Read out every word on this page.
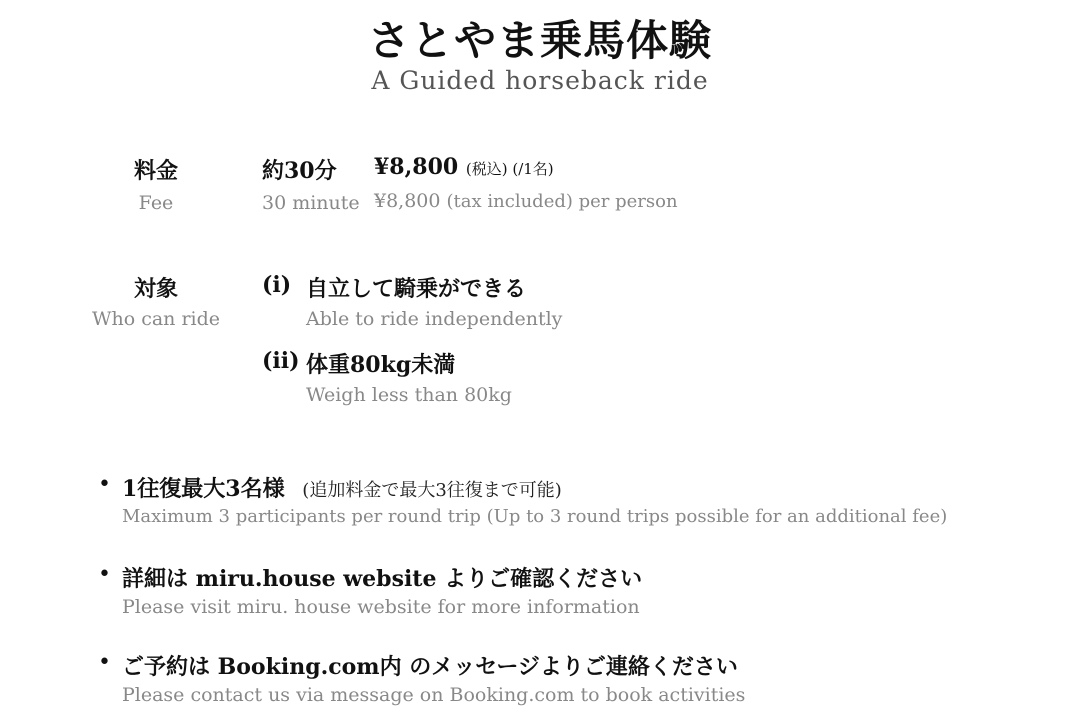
さとやま乗馬体験
A Guided horseback ride
料金
Fee
約30分
30 minute
¥8,800 (税込) (/1名)
¥8,800 (tax included) per person
対象
Who can ride
(i) 自立して騎乗ができる
Able to ride independently
(ii) 体重80kg未満
Weigh less than 80kg
• 1往復最大3名様 (追加料金で最大3往復まで可能)
Maximum 3 participants per round trip (Up to 3 round trips possible for an additional fee)
• 詳細は miru.house website よりご確認ください
Please visit miru. house website for more information
• ご予約は Booking.com内 のメッセージよりご連絡ください
Please contact us via message on Booking.com to book activities
